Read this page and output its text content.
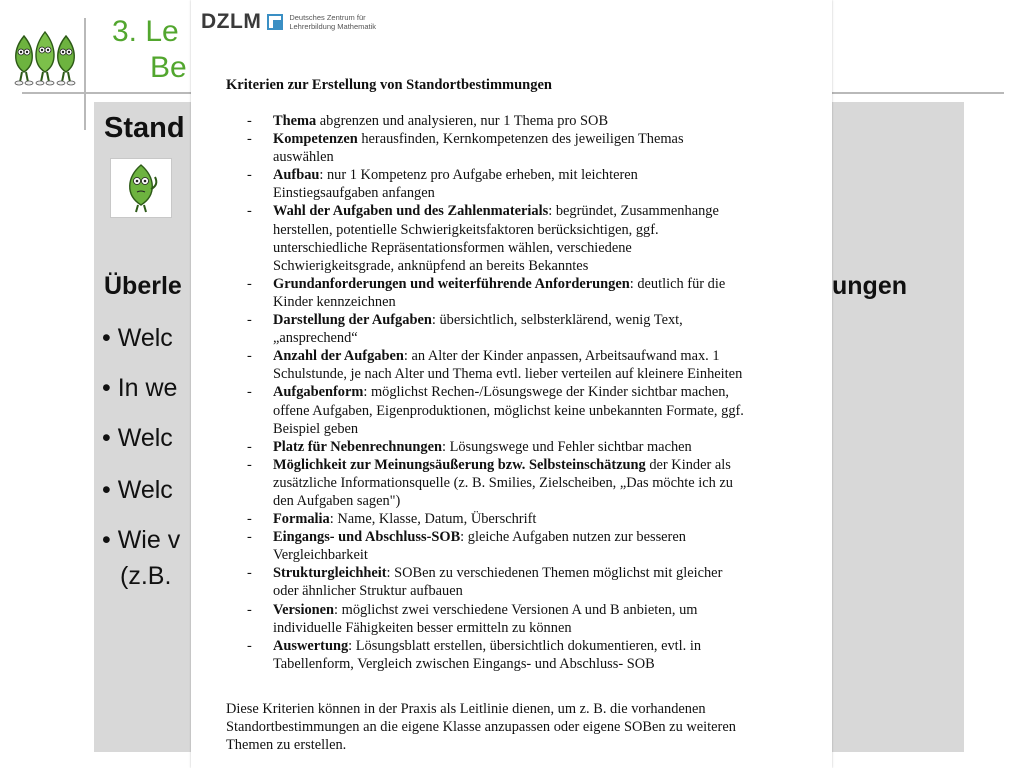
3. Le
Be
Stand
Überle	ungen
• Welc
• In we
• Welc
• Welc
• Wie v
(z.B.
DZLM	Deutsches Zentrum für
Lehrerbildung Mathematik
Kriterien zur Erstellung von Standortbestimmungen
- Thema abgrenzen und analysieren, nur 1 Thema pro SOB
- Kompetenzen herausfinden, Kernkompetenzen des jeweiligen Themas
auswählen
- Aufbau: nur 1 Kompetenz pro Aufgabe erheben, mit leichteren
Einstiegsaufgaben anfangen
- Wahl der Aufgaben und des Zahlenmaterials: begründet, Zusammenhange
herstellen, potentielle Schwierigkeitsfaktoren berücksichtigen, ggf.
unterschiedliche Repräsentationsformen wählen, verschiedene
Schwierigkeitsgrade, anknüpfend an bereits Bekanntes
- Grundanforderungen und weiterführende Anforderungen: deutlich für die
Kinder kennzeichnen
- Darstellung der Aufgaben: übersichtlich, selbsterklärend, wenig Text,
„ansprechend“
- Anzahl der Aufgaben: an Alter der Kinder anpassen, Arbeitsaufwand max. 1
Schulstunde, je nach Alter und Thema evtl. lieber verteilen auf kleinere Einheiten
- Aufgabenform: möglichst Rechen-/Lösungswege der Kinder sichtbar machen,
offene Aufgaben, Eigenproduktionen, möglichst keine unbekannten Formate, ggf.
Beispiel geben
- Platz für Nebenrechnungen: Lösungswege und Fehler sichtbar machen
- Möglichkeit zur Meinungsäußerung bzw. Selbsteinschätzung der Kinder als
zusätzliche Informationsquelle (z. B. Smilies, Zielscheiben, „Das möchte ich zu
den Aufgaben sagen")
- Formalia: Name, Klasse, Datum, Überschrift
- Eingangs- und Abschluss-SOB: gleiche Aufgaben nutzen zur besseren
Vergleichbarkeit
- Strukturgleichheit: SOBen zu verschiedenen Themen möglichst mit gleicher
oder ähnlicher Struktur aufbauen
- Versionen: möglichst zwei verschiedene Versionen A und B anbieten, um
individuelle Fähigkeiten besser ermitteln zu können
- Auswertung: Lösungsblatt erstellen, übersichtlich dokumentieren, evtl. in
Tabellenform, Vergleich zwischen Eingangs- und Abschluss- SOB
Diese Kriterien können in der Praxis als Leitlinie dienen, um z. B. die vorhandenen
Standortbestimmungen an die eigene Klasse anzupassen oder eigene SOBen zu weiteren
Themen zu erstellen.
